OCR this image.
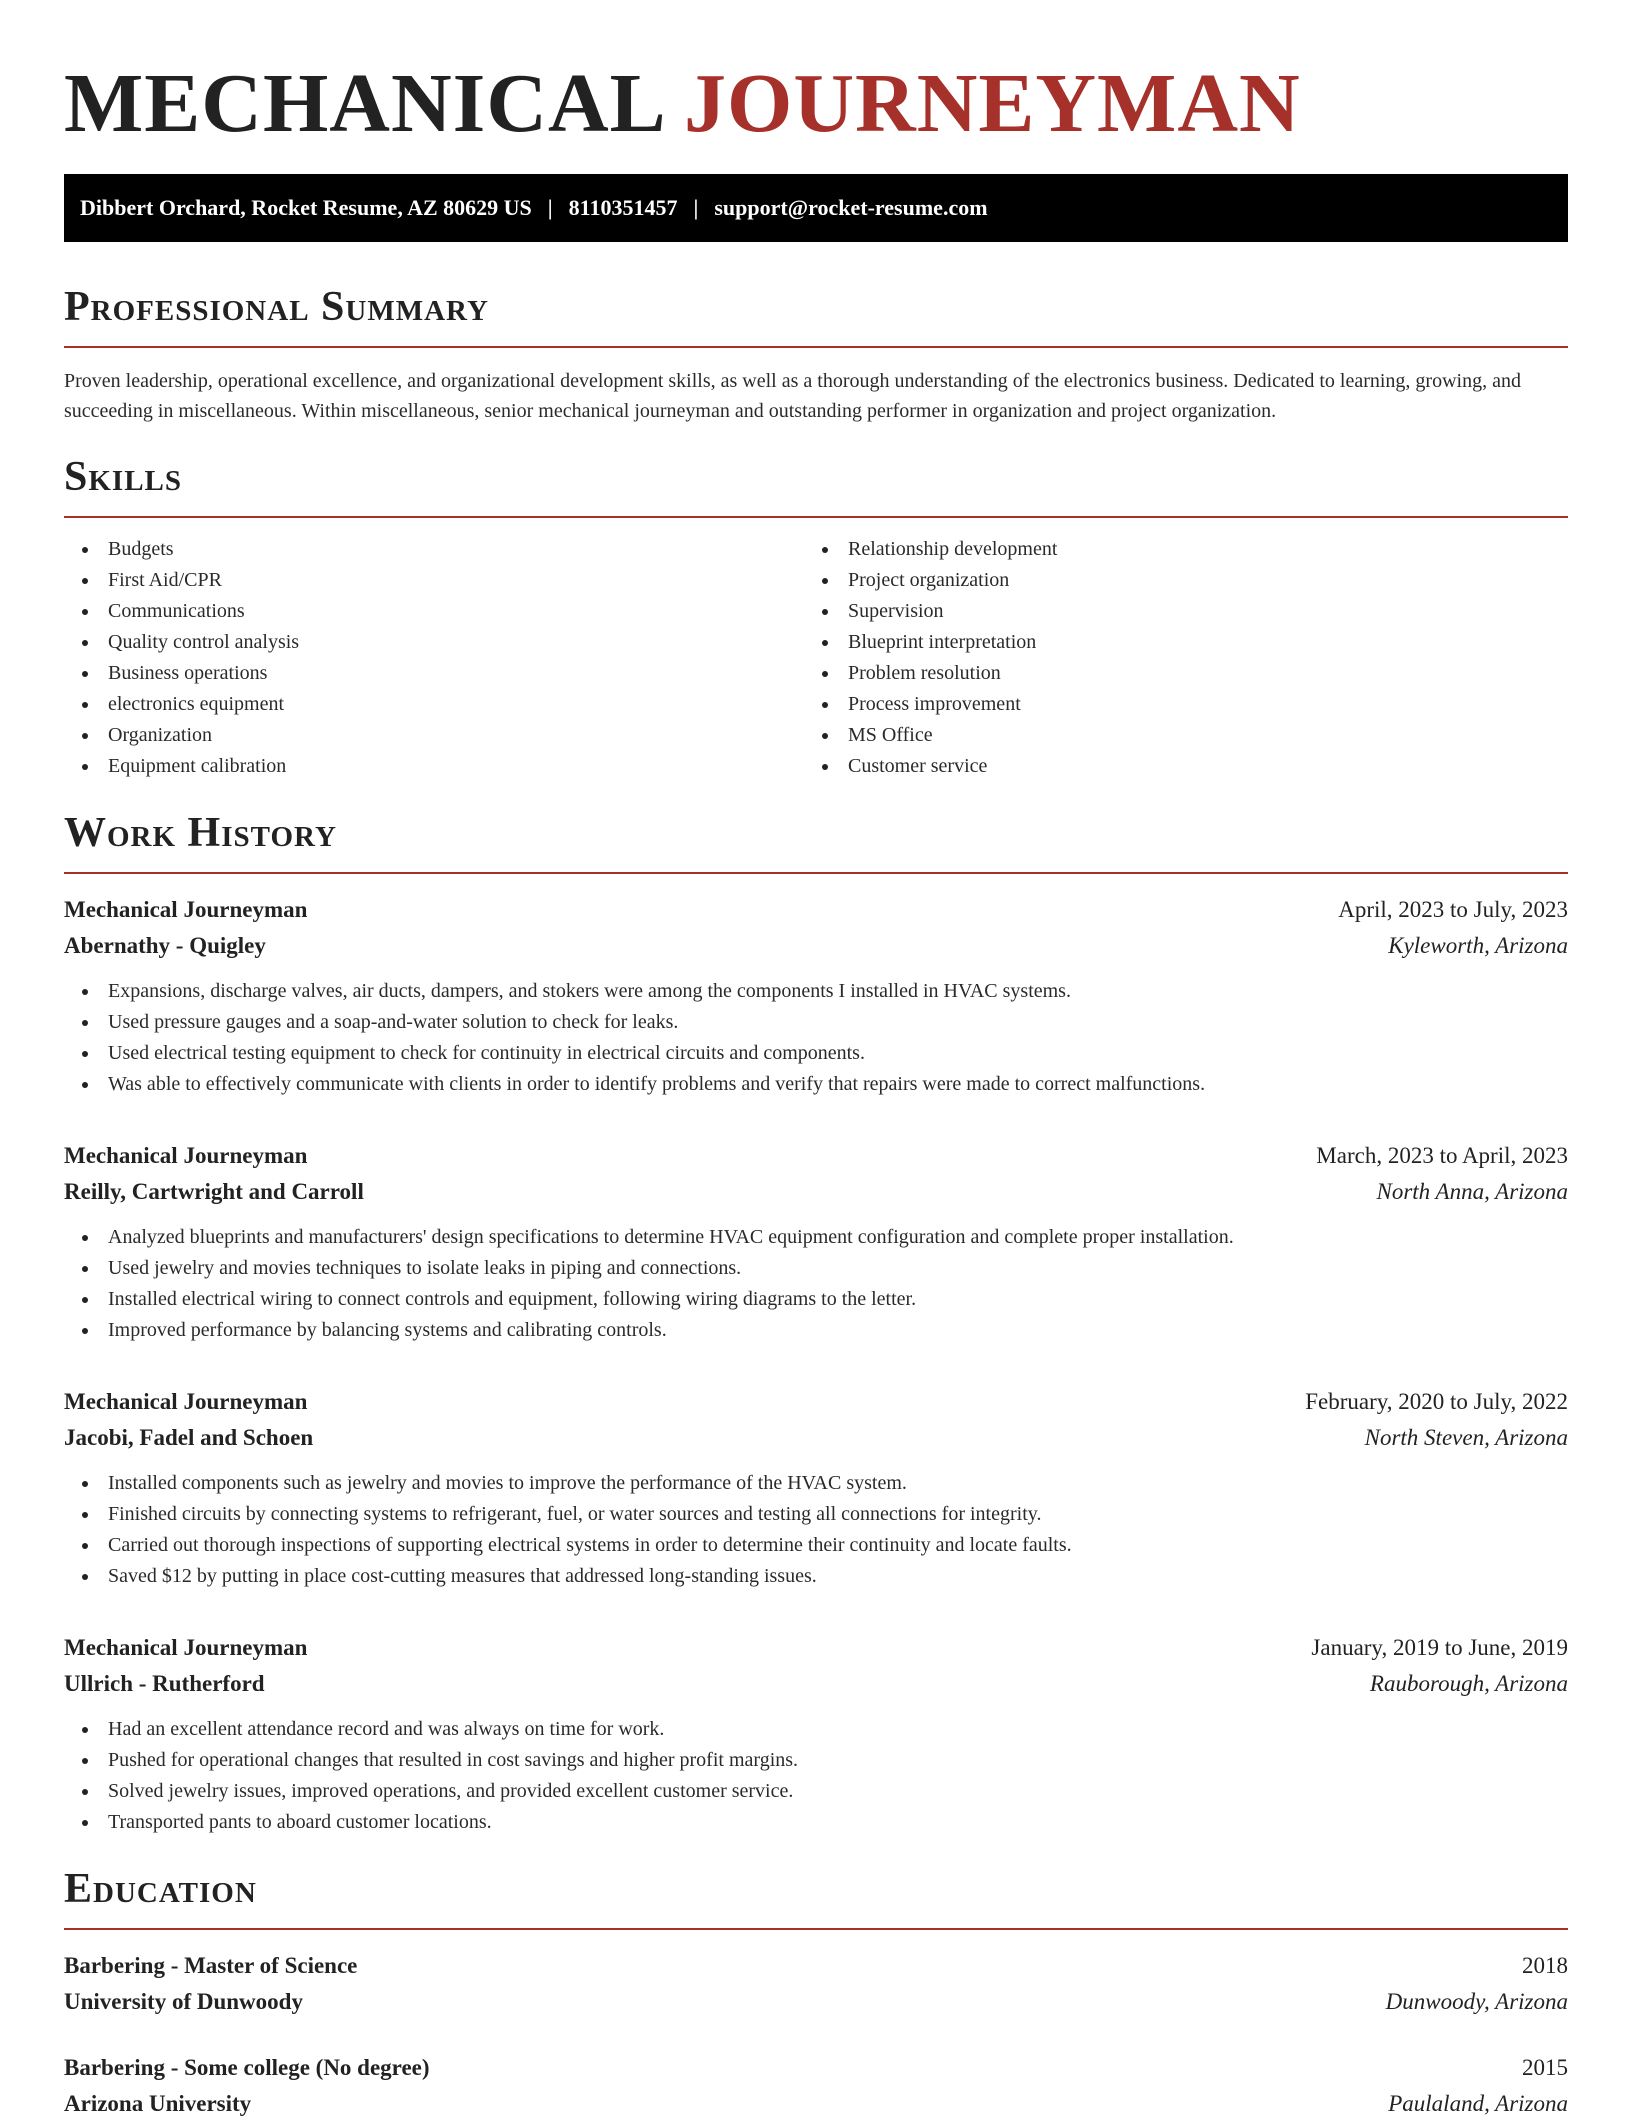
MECHANICAL JOURNEYMAN
Dibbert Orchard, Rocket Resume, AZ 80629 US | 8110351457 | support@rocket-resume.com
Professional Summary

Proven leadership, operational excellence, and organizational development skills, as well as a thorough understanding of the electronics business. Dedicated to learning, growing, and succeeding in miscellaneous. Within miscellaneous, senior mechanical journeyman and outstanding performer in organization and project organization.

Skills
Budgets
First Aid/CPR
Communications
Quality control analysis
Business operations
electronics equipment
Organization
Equipment calibration
Relationship development
Project organization
Supervision
Blueprint interpretation
Problem resolution
Process improvement
MS Office
Customer service
Work History
Mechanical Journeyman	April, 2023 to July, 2023
Abernathy - Quigley	Kyleworth, Arizona
Expansions, discharge valves, air ducts, dampers, and stokers were among the components I installed in HVAC systems.
Used pressure gauges and a soap-and-water solution to check for leaks.
Used electrical testing equipment to check for continuity in electrical circuits and components.
Was able to effectively communicate with clients in order to identify problems and verify that repairs were made to correct malfunctions.
Mechanical Journeyman	March, 2023 to April, 2023
Reilly, Cartwright and Carroll	North Anna, Arizona
Analyzed blueprints and manufacturers' design specifications to determine HVAC equipment configuration and complete proper installation.
Used jewelry and movies techniques to isolate leaks in piping and connections.
Installed electrical wiring to connect controls and equipment, following wiring diagrams to the letter.
Improved performance by balancing systems and calibrating controls.
Mechanical Journeyman	February, 2020 to July, 2022
Jacobi, Fadel and Schoen	North Steven, Arizona
Installed components such as jewelry and movies to improve the performance of the HVAC system.
Finished circuits by connecting systems to refrigerant, fuel, or water sources and testing all connections for integrity.
Carried out thorough inspections of supporting electrical systems in order to determine their continuity and locate faults.
Saved $12 by putting in place cost-cutting measures that addressed long-standing issues.
Mechanical Journeyman	January, 2019 to June, 2019
Ullrich - Rutherford	Rauborough, Arizona
Had an excellent attendance record and was always on time for work.
Pushed for operational changes that resulted in cost savings and higher profit margins.
Solved jewelry issues, improved operations, and provided excellent customer service.
Transported pants to aboard customer locations.
Education
Barbering - Master of Science	2018
University of Dunwoody	Dunwoody, Arizona
Barbering - Some college (No degree)	2015
Arizona University	Paulaland, Arizona
